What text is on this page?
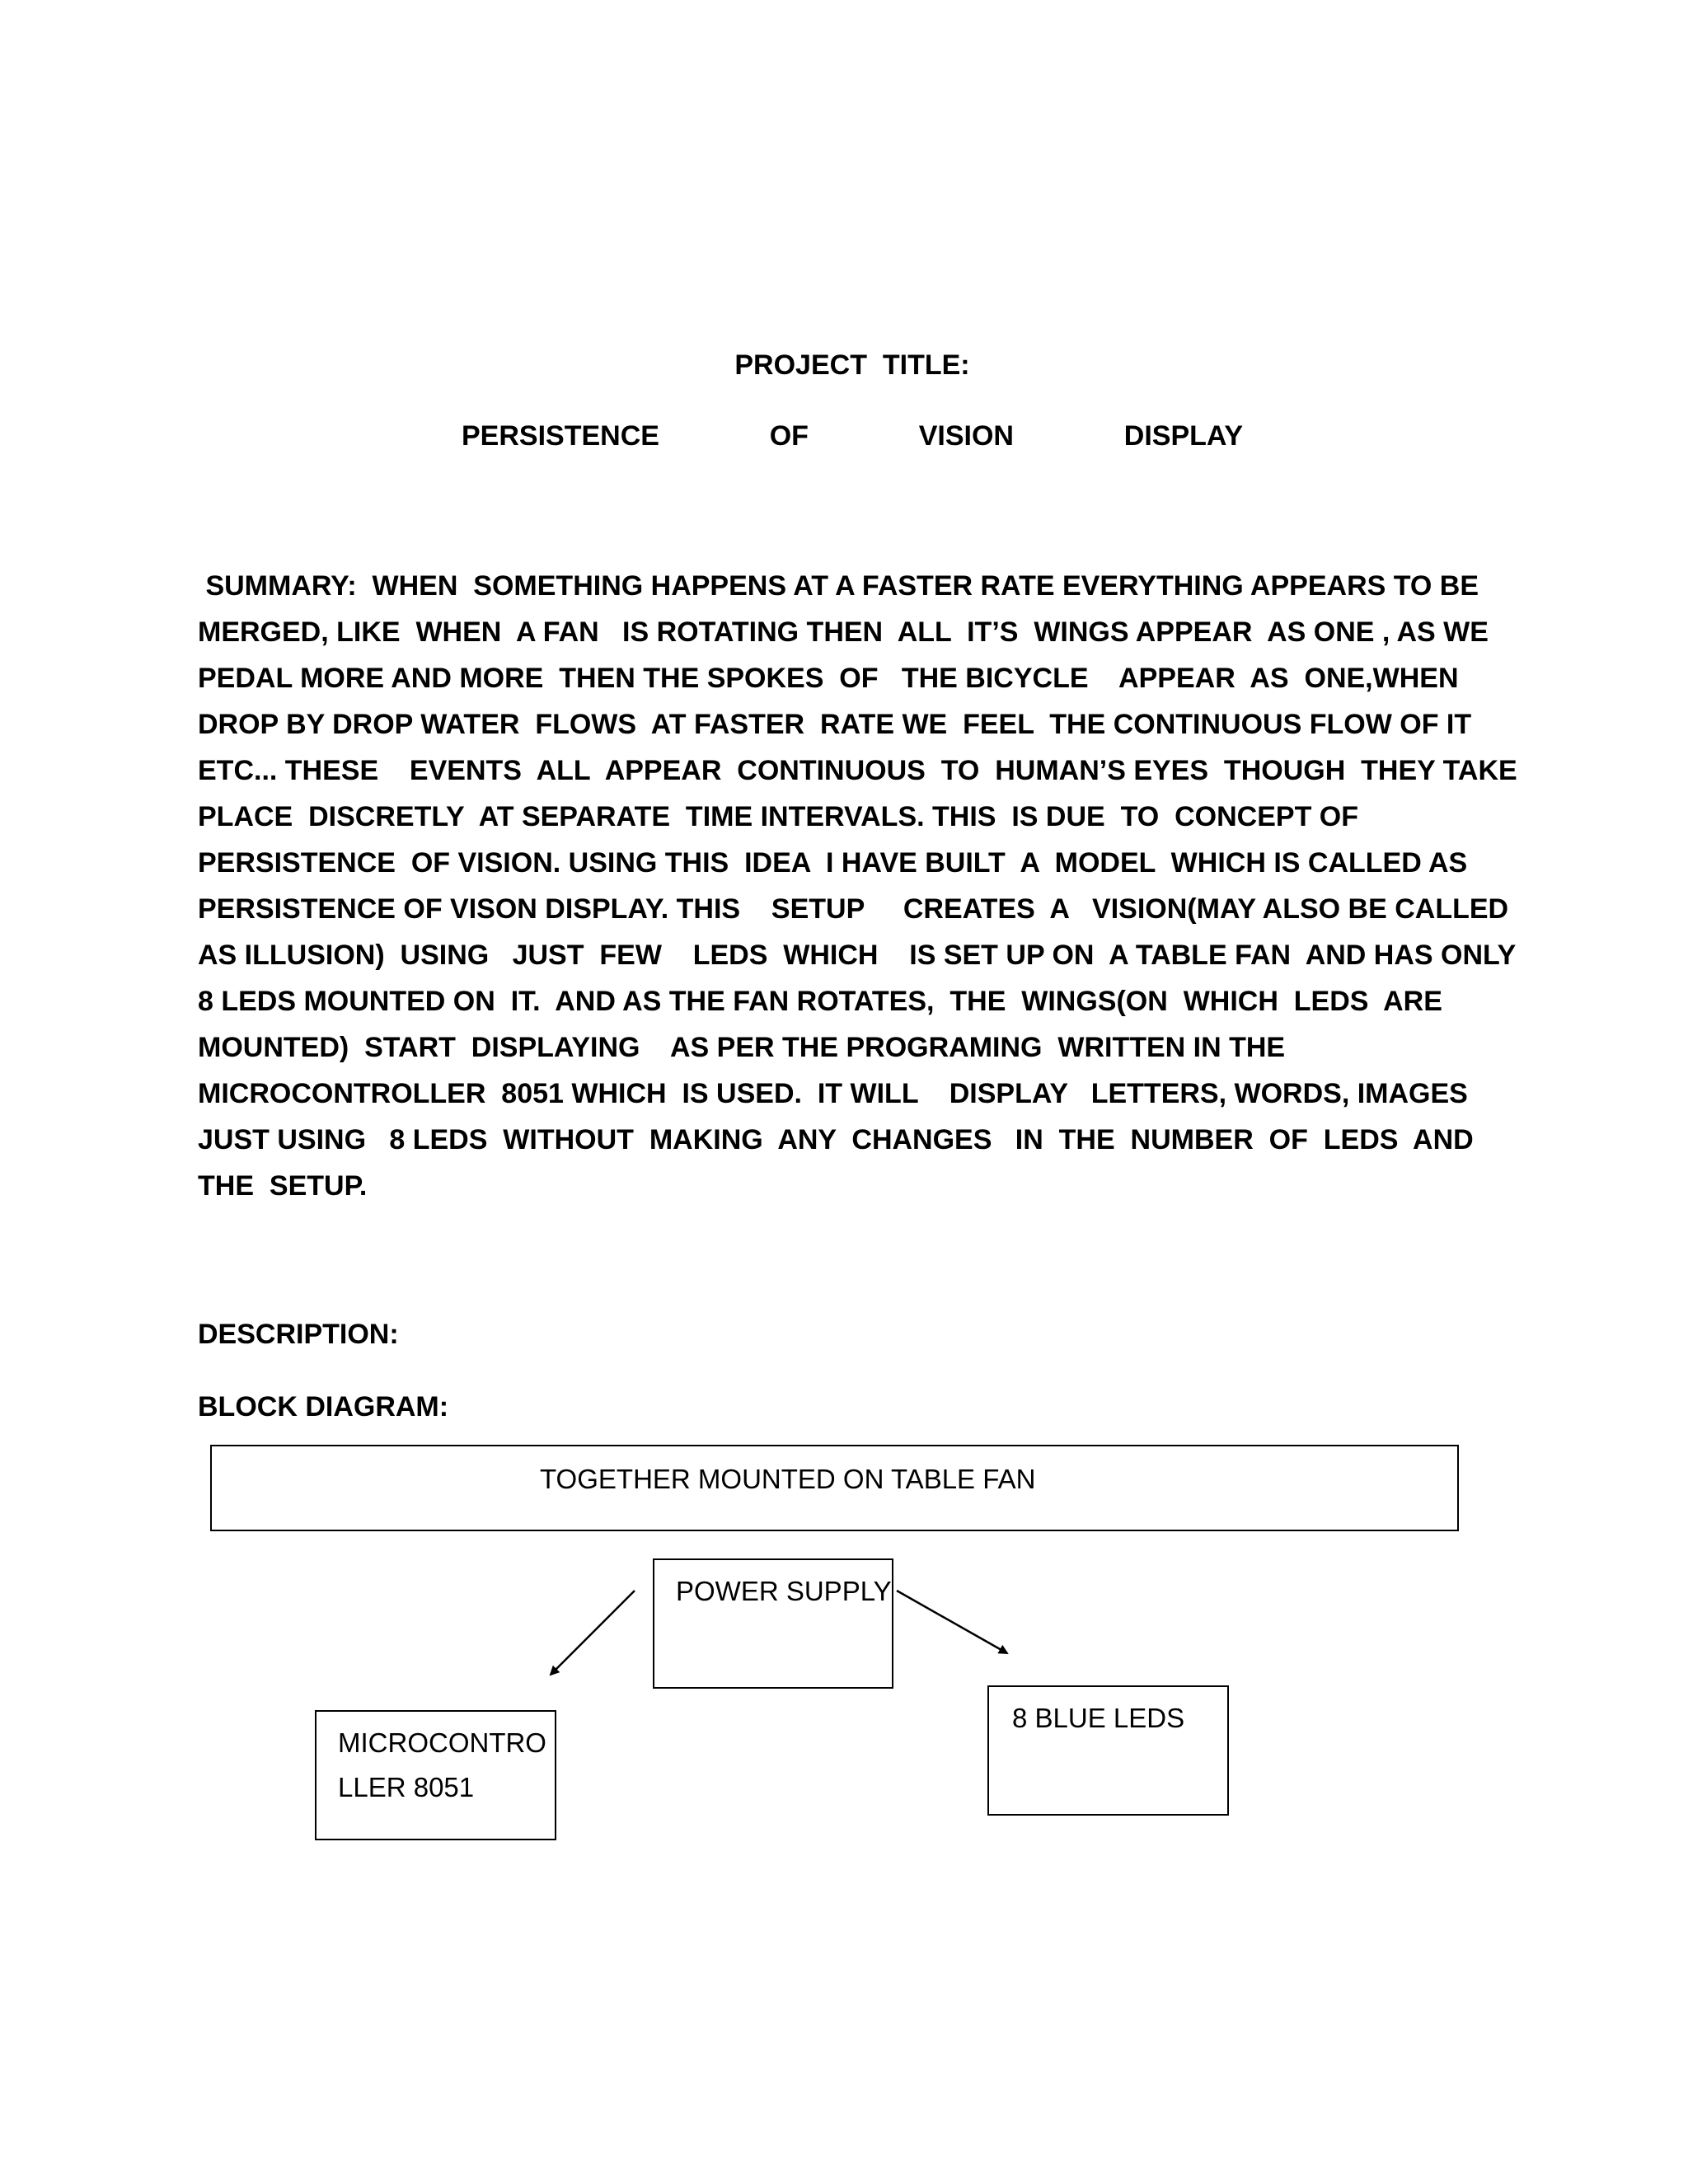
PROJECT  TITLE:
PERSISTENCE    OF    VISION    DISPLAY
SUMMARY:  WHEN  SOMETHING HAPPENS AT A FASTER RATE EVERYTHING APPEARS TO BE
MERGED, LIKE  WHEN  A FAN   IS ROTATING THEN  ALL  IT’S  WINGS APPEAR  AS ONE , AS WE
PEDAL MORE AND MORE  THEN THE SPOKES  OF   THE BICYCLE    APPEAR  AS  ONE,WHEN
DROP BY DROP WATER  FLOWS  AT FASTER  RATE WE  FEEL  THE CONTINUOUS FLOW OF IT
ETC... THESE    EVENTS  ALL  APPEAR  CONTINUOUS  TO  HUMAN’S EYES  THOUGH  THEY TAKE
PLACE  DISCRETLY  AT SEPARATE  TIME INTERVALS. THIS  IS DUE  TO  CONCEPT OF
PERSISTENCE  OF VISION. USING THIS  IDEA  I HAVE BUILT  A  MODEL  WHICH IS CALLED AS
PERSISTENCE OF VISON DISPLAY. THIS    SETUP     CREATES  A   VISION(MAY ALSO BE CALLED
AS ILLUSION)  USING   JUST  FEW    LEDS  WHICH    IS SET UP ON  A TABLE FAN  AND HAS ONLY
8 LEDS MOUNTED ON  IT.  AND AS THE FAN ROTATES,  THE  WINGS(ON  WHICH  LEDS  ARE
MOUNTED)  START  DISPLAYING    AS PER THE PROGRAMING  WRITTEN IN THE
MICROCONTROLLER  8051 WHICH  IS USED.  IT WILL    DISPLAY   LETTERS, WORDS, IMAGES
JUST USING   8 LEDS  WITHOUT  MAKING  ANY  CHANGES   IN  THE  NUMBER  OF  LEDS  AND
THE  SETUP.
DESCRIPTION:
BLOCK DIAGRAM:
TOGETHER MOUNTED ON TABLE FAN
POWER SUPPLY
8 BLUE LEDS
MICROCONTRO
LLER 8051
